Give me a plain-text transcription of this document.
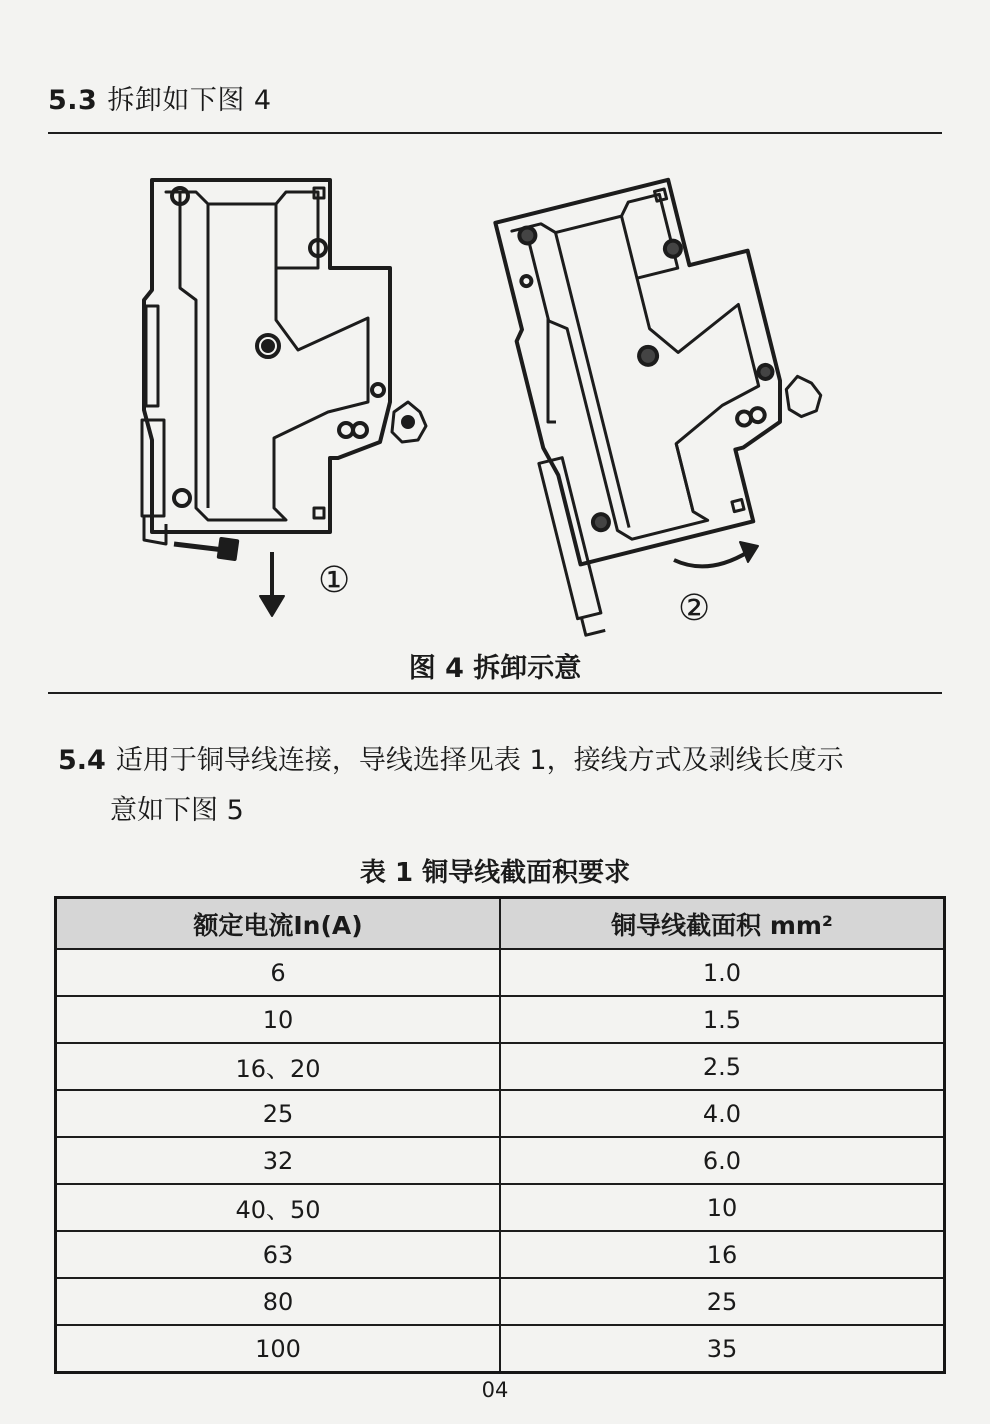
5.3 拆卸如下图 4
①
②
图 4 拆卸示意
5.4 适用于铜导线连接，导线选择见表 1，接线方式及剥线长度示
意如下图 5
表 1 铜导线截面积要求
额定电流In(A)	铜导线截面积 mm²
6	1.0
10	1.5
16、20	2.5
25	4.0
32	6.0
40、50	10
63	16
80	25
100	35
04
